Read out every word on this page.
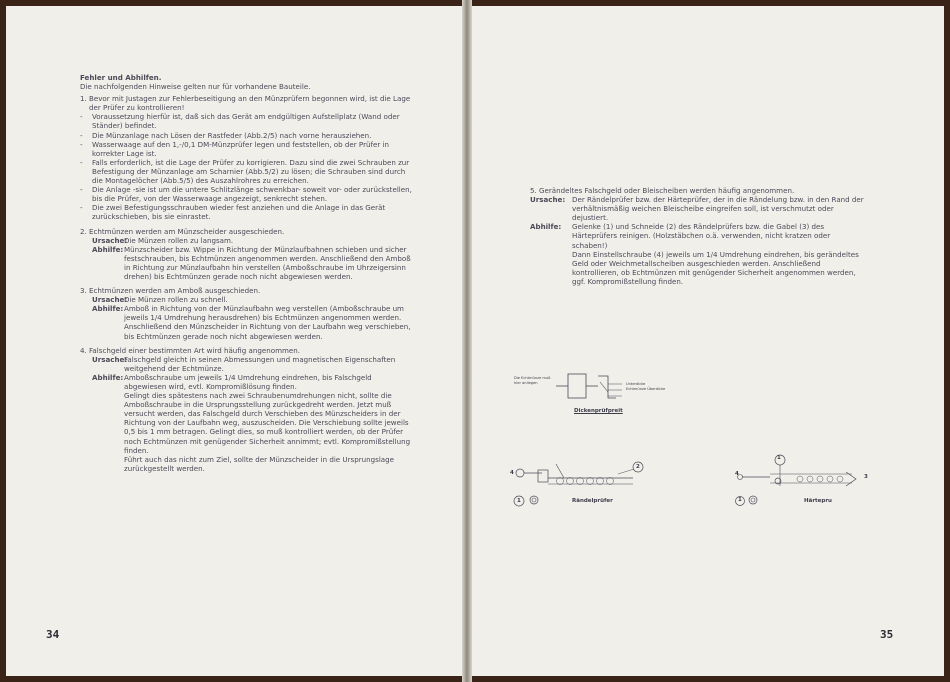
Fehler und Abhilfen.

Die nachfolgenden Hinweise gelten nur für vorhandene Bauteile.

1. Bevor mit Justagen zur Fehlerbeseitigung an den Münzprüfern begonnen wird, ist die Lage der Prüfer zu kontrollieren!
-	Voraussetzung hierfür ist, daß sich das Gerät am endgültigen Aufstellplatz (Wand oder Ständer) befindet.
-	Die Münzanlage nach Lösen der Rastfeder (Abb.2/5) nach vorne herausziehen.
-	Wasserwaage auf den 1,-/0,1 DM-Münzprüfer legen und feststellen, ob der Prüfer in korrekter Lage ist.
-	Falls erforderlich, ist die Lage der Prüfer zu korrigieren. Dazu sind die zwei Schrauben zur Befestigung der Münzanlage am Scharnier (Abb.5/2) zu lösen; die Schrauben sind durch die Montagelöcher (Abb.5/5) des Auszahlrohres zu erreichen.
-	Die Anlage -sie ist um die untere Schlitzlänge schwenkbar- soweit vor- oder zurückstellen, bis die Prüfer, von der Wasserwaage angezeigt, senkrecht stehen.
-	Die zwei Befestigungsschrauben wieder fest anziehen und die Anlage in das Gerät zurückschieben, bis sie einrastet.
2. Echtmünzen werden am Münzscheider ausgeschieden.
Ursache:
Die Münzen rollen zu langsam.
Abhilfe: Münzscheider bzw. Wippe in Richtung der Münzlaufbahnen schieben und sicher festschrauben, bis Echtmünzen angenommen werden. Anschließend den Amboß in Richtung zur Münzlaufbahn hin verstellen (Amboßschraube im Uhrzeigersinn drehen) bis Echtmünzen gerade noch nicht abgewiesen werden.
3. Echtmünzen werden am Amboß ausgeschieden.
Ursache:
Die Münzen rollen zu schnell.
Abhilfe: Amboß in Richtung von der Münzlaufbahn weg verstellen (Amboßschraube um jeweils 1/4 Umdrehung herausdrehen) bis Echtmünzen angenommen werden.
Anschließend den Münzscheider in Richtung von der Laufbahn weg verschieben, bis Echtmünzen gerade noch nicht abgewiesen werden.
4. Falschgeld einer bestimmten Art wird häufig angenommen.
Ursache:
Falschgeld gleicht in seinen Abmessungen und magnetischen Eigenschaften weitgehend der Echtmünze.
Abhilfe: Amboßschraube um jeweils 1/4 Umdrehung eindrehen, bis Falschgeld abgewiesen wird, evtl. Kompromißlösung finden.
Gelingt dies spätestens nach zwei Schraubenumdrehungen nicht, sollte die Amboßschraube in die Ursprungsstellung zurückgedreht werden. Jetzt muß versucht werden, das Falschgeld durch Verschieben des Münzscheiders in der Richtung von der Laufbahn weg, auszuscheiden. Die Verschiebung sollte jeweils 0,5 bis 1 mm betragen. Gelingt dies, so muß kontrolliert werden, ob der Prüfer noch Echtmünzen mit genügender Sicherheit annimmt; evtl. Kompromißstellung finden.
Führt auch das nicht zum Ziel, sollte der Münzscheider in die Ursprungslage zurückgestellt werden.
34
5. Gerändeltes Falschgeld oder Bleischeiben werden häufig angenommen.
Ursache: Der Rändelprüfer bzw. der Härteprüfer, der in die Rändelung bzw. in den Rand der verhältnismäßig weichen Bleischeibe eingreifen soll, ist verschmutzt oder dejustiert.
Abhilfe:	Gelenke (1) und Schneide (2) des Rändelprüfers bzw. die Gabel (3) des Härteprüfers reinigen. (Holzstäbchen o.ä. verwenden, nicht kratzen oder schaben!)
Dann Einstellschraube (4) jeweils um 1/4 Umdrehung eindrehen, bis gerändeltes Geld oder Weichmetallscheiben ausgeschieden werden. Anschließend kontrollieren, ob Echtmünzen mit genügender Sicherheit angenommen werden, ggf. Kompromißstellung finden.
Die Echtmünze muß hier anliegen	Unterdicke Echtmünze Überdicke
Dickenprüfpreit
4
2
1	Rändelprüfer
1
4	3
1	Härtepru
35
